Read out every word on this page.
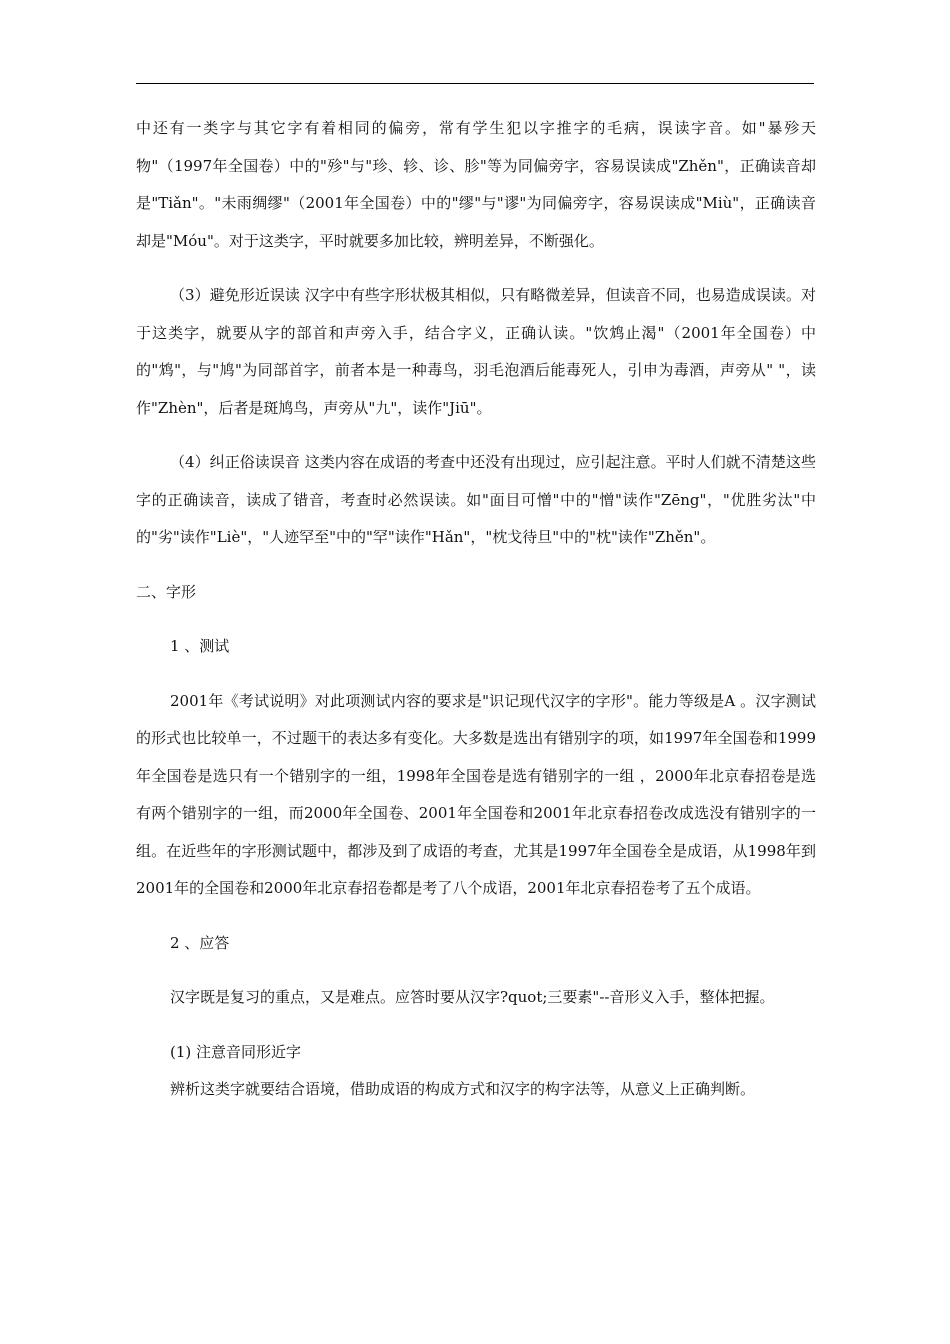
中还有一类字与其它字有着相同的偏旁，常有学生犯以字推字的毛病，误读字音。如"暴殄天物"（1997年全国卷）中的"殄"与"珍、轸、诊、胗"等为同偏旁字，容易误读成"Zhěn"，正确读音却是"Tiǎn"。"未雨绸缪"（2001年全国卷）中的"缪"与"谬"为同偏旁字，容易误读成"Miù"，正确读音却是"Móu"。对于这类字，平时就要多加比较，辨明差异，不断强化。

（3）避免形近误读 汉字中有些字形状极其相似，只有略微差异，但读音不同，也易造成误读。对于这类字，就要从字的部首和声旁入手，结合字义，正确认读。"饮鸩止渴"（2001年全国卷）中的"鸩"，与"鸠"为同部首字，前者本是一种毒鸟，羽毛泡酒后能毒死人，引申为毒酒，声旁从" "，读作"Zhèn"，后者是斑鸠鸟，声旁从"九"，读作"Jiū"。

（4）纠正俗读误音 这类内容在成语的考查中还没有出现过，应引起注意。平时人们就不清楚这些字的正确读音，读成了错音，考查时必然误读。如"面目可憎"中的"憎"读作"Zēng"，"优胜劣汰"中的"劣"读作"Liè"，"人迹罕至"中的"罕"读作"Hǎn"，"枕戈待旦"中的"枕"读作"Zhěn"。

二、字形

1 、测试

2001年《考试说明》对此项测试内容的要求是"识记现代汉字的字形"。能力等级是A 。汉字测试的形式也比较单一，不过题干的表达多有变化。大多数是选出有错别字的项，如1997年全国卷和1999年全国卷是选只有一个错别字的一组，1998年全国卷是选有错别字的一组 ，2000年北京春招卷是选有两个错别字的一组，而2000年全国卷、2001年全国卷和2001年北京春招卷改成选没有错别字的一组。在近些年的字形测试题中，都涉及到了成语的考查，尤其是1997年全国卷全是成语，从1998年到2001年的全国卷和2000年北京春招卷都是考了八个成语，2001年北京春招卷考了五个成语。

2 、应答

汉字既是复习的重点，又是难点。应答时要从汉字?quot;三要素"--音形义入手，整体把握。

(1) 注意音同形近字

辨析这类字就要结合语境，借助成语的构成方式和汉字的构字法等，从意义上正确判断。
